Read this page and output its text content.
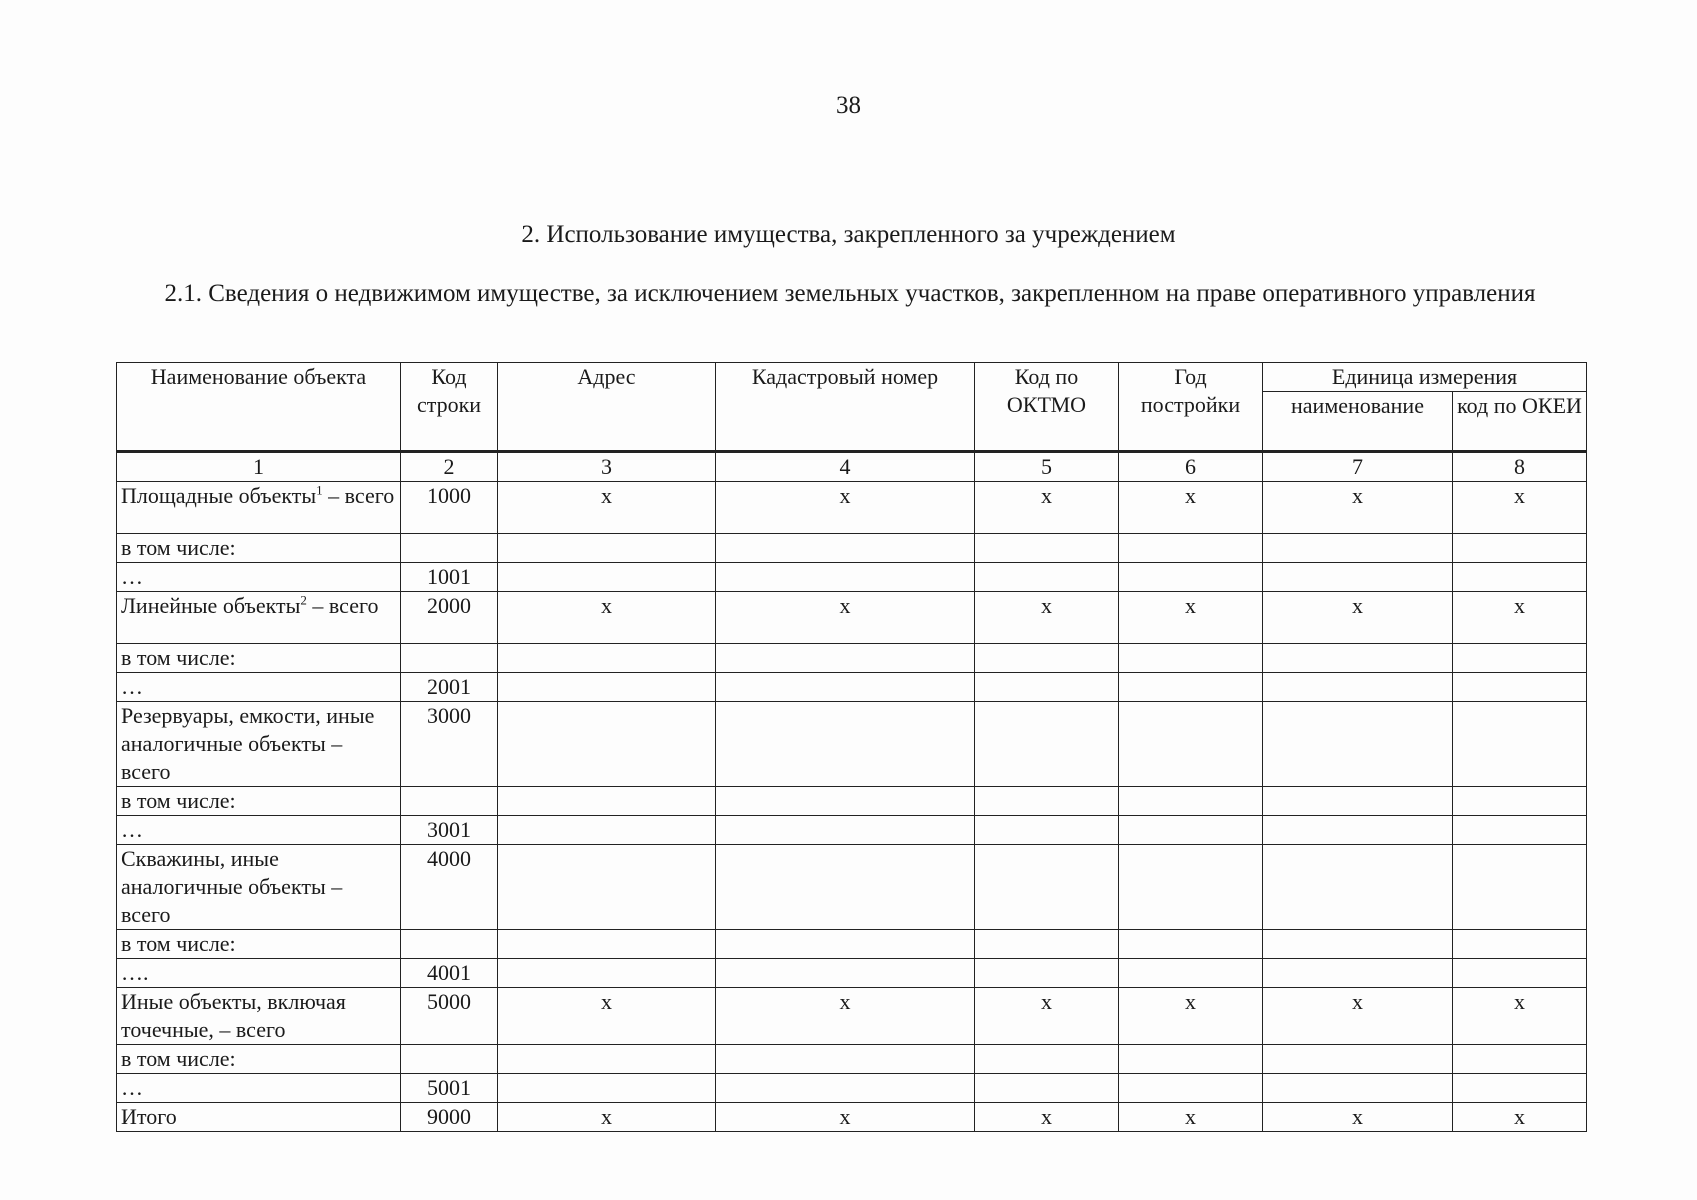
38
2. Использование имущества, закрепленного за учреждением
2.1. Сведения о недвижимом имуществе, за исключением земельных участков, закрепленном на праве оперативного управления
Наименование объекта	Код строки	Адрес	Кадастровый номер	Код по ОКТМО	Год постройки	Единица измерения	
						наименование	код по ОКЕИ
1	2	3	4	5	6	7	8
Площадные объекты$^1$ – всего	1000	x	x	x	x	x	x
в том числе:							
…	1001						
Линейные объекты$^2$ – всего	2000	x	x	x	x	x	x
в том числе:							
…	2001						
Резервуары, емкости, иные аналогичные объекты – всего	3000						
в том числе:							
…	3001						
Скважины, иные аналогичные объекты – всего	4000						
в том числе:							
….	4001						
Иные объекты, включая точечные, – всего	5000	x	x	x	x	x	x
в том числе:							
…	5001						
Итого	9000	x	x	x	x	x	x
